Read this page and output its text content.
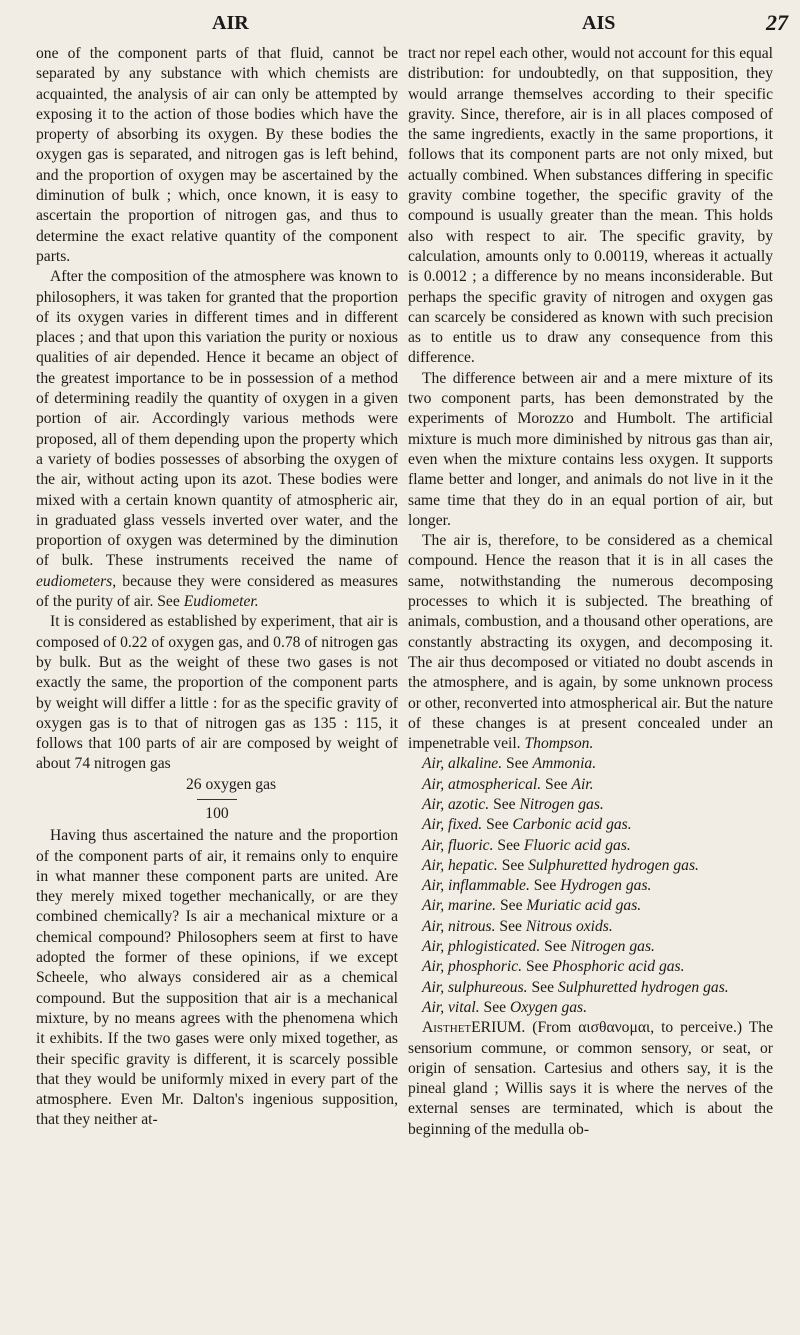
AIR	AIS	27

one of the component parts of that fluid, cannot be separated by any substance with which chemists are acquainted, the analysis of air can only be attempted by exposing it to the action of those bodies which have the property of absorbing its oxygen. By these bodies the oxygen gas is separated, and nitrogen gas is left behind, and the proportion of oxygen may be ascertained by the diminution of bulk ; which, once known, it is easy to ascertain the proportion of nitrogen gas, and thus to determine the exact relative quantity of the component parts.

After the composition of the atmosphere was known to philosophers, it was taken for granted that the proportion of its oxygen varies in different times and in different places ; and that upon this variation the purity or noxious qualities of air depended. Hence it became an object of the greatest importance to be in possession of a method of determining readily the quantity of oxygen in a given portion of air. Accordingly various methods were proposed, all of them depending upon the property which a variety of bodies possesses of absorbing the oxygen of the air, without acting upon its azot. These bodies were mixed with a certain known quantity of atmospheric air, in graduated glass vessels inverted over water, and the proportion of oxygen was determined by the diminution of bulk. These instruments received the name of eudiometers, because they were considered as measures of the purity of air. See Eudiometer.

It is considered as established by experiment, that air is composed of 0.22 of oxygen gas, and 0.78 of nitrogen gas by bulk. But as the weight of these two gases is not exactly the same, the proportion of the component parts by weight will differ a little : for as the specific gravity of oxygen gas is to that of nitrogen gas as 135 : 115, it follows that 100 parts of air are composed by weight of about 74 nitrogen gas

26 oxygen gas

100

Having thus ascertained the nature and the proportion of the component parts of air, it remains only to enquire in what manner these component parts are united. Are they merely mixed together mechanically, or are they combined chemically? Is air a mechanical mixture or a chemical compound? Philosophers seem at first to have adopted the former of these opinions, if we except Scheele, who always considered air as a chemical compound. But the supposition that air is a mechanical mixture, by no means agrees with the phenomena which it exhibits. If the two gases were only mixed together, as their specific gravity is different, it is scarcely possible that they would be uniformly mixed in every part of the atmosphere. Even Mr. Dalton's ingenious supposition, that they neither at-

tract nor repel each other, would not account for this equal distribution: for undoubtedly, on that supposition, they would arrange themselves according to their specific gravity. Since, therefore, air is in all places composed of the same ingredients, exactly in the same proportions, it follows that its component parts are not only mixed, but actually combined. When substances differing in specific gravity combine together, the specific gravity of the compound is usually greater than the mean. This holds also with respect to air. The specific gravity, by calculation, amounts only to 0.00119, whereas it actually is 0.0012 ; a difference by no means inconsiderable. But perhaps the specific gravity of nitrogen and oxygen gas can scarcely be considered as known with such precision as to entitle us to draw any consequence from this difference.

The difference between air and a mere mixture of its two component parts, has been demonstrated by the experiments of Morozzo and Humbolt. The artificial mixture is much more diminished by nitrous gas than air, even when the mixture contains less oxygen. It supports flame better and longer, and animals do not live in it the same time that they do in an equal portion of air, but longer.

The air is, therefore, to be considered as a chemical compound. Hence the reason that it is in all cases the same, notwithstanding the numerous decomposing processes to which it is subjected. The breathing of animals, combustion, and a thousand other operations, are constantly abstracting its oxygen, and decomposing it. The air thus decomposed or vitiated no doubt ascends in the atmosphere, and is again, by some unknown process or other, reconverted into atmospherical air. But the nature of these changes is at present concealed under an impenetrable veil. Thompson.

Air, alkaline. See Ammonia.

Air, atmospherical. See Air.

Air, azotic. See Nitrogen gas.

Air, fixed. See Carbonic acid gas.

Air, fluoric. See Fluoric acid gas.

Air, hepatic. See Sulphuretted hydrogen gas.

Air, inflammable. See Hydrogen gas.

Air, marine. See Muriatic acid gas.

Air, nitrous. See Nitrous oxids.

Air, phlogisticated. See Nitrogen gas.

Air, phosphoric. See Phosphoric acid gas.

Air, sulphureous. See Sulphuretted hydrogen gas.

Air, vital. See Oxygen gas.

AisthetERIUM. (From αισθανομαι, to perceive.) The sensorium commune, or common sensory, or seat, or origin of sensation. Cartesius and others say, it is the pineal gland ; Willis says it is where the nerves of the external senses are terminated, which is about the beginning of the medulla ob-
